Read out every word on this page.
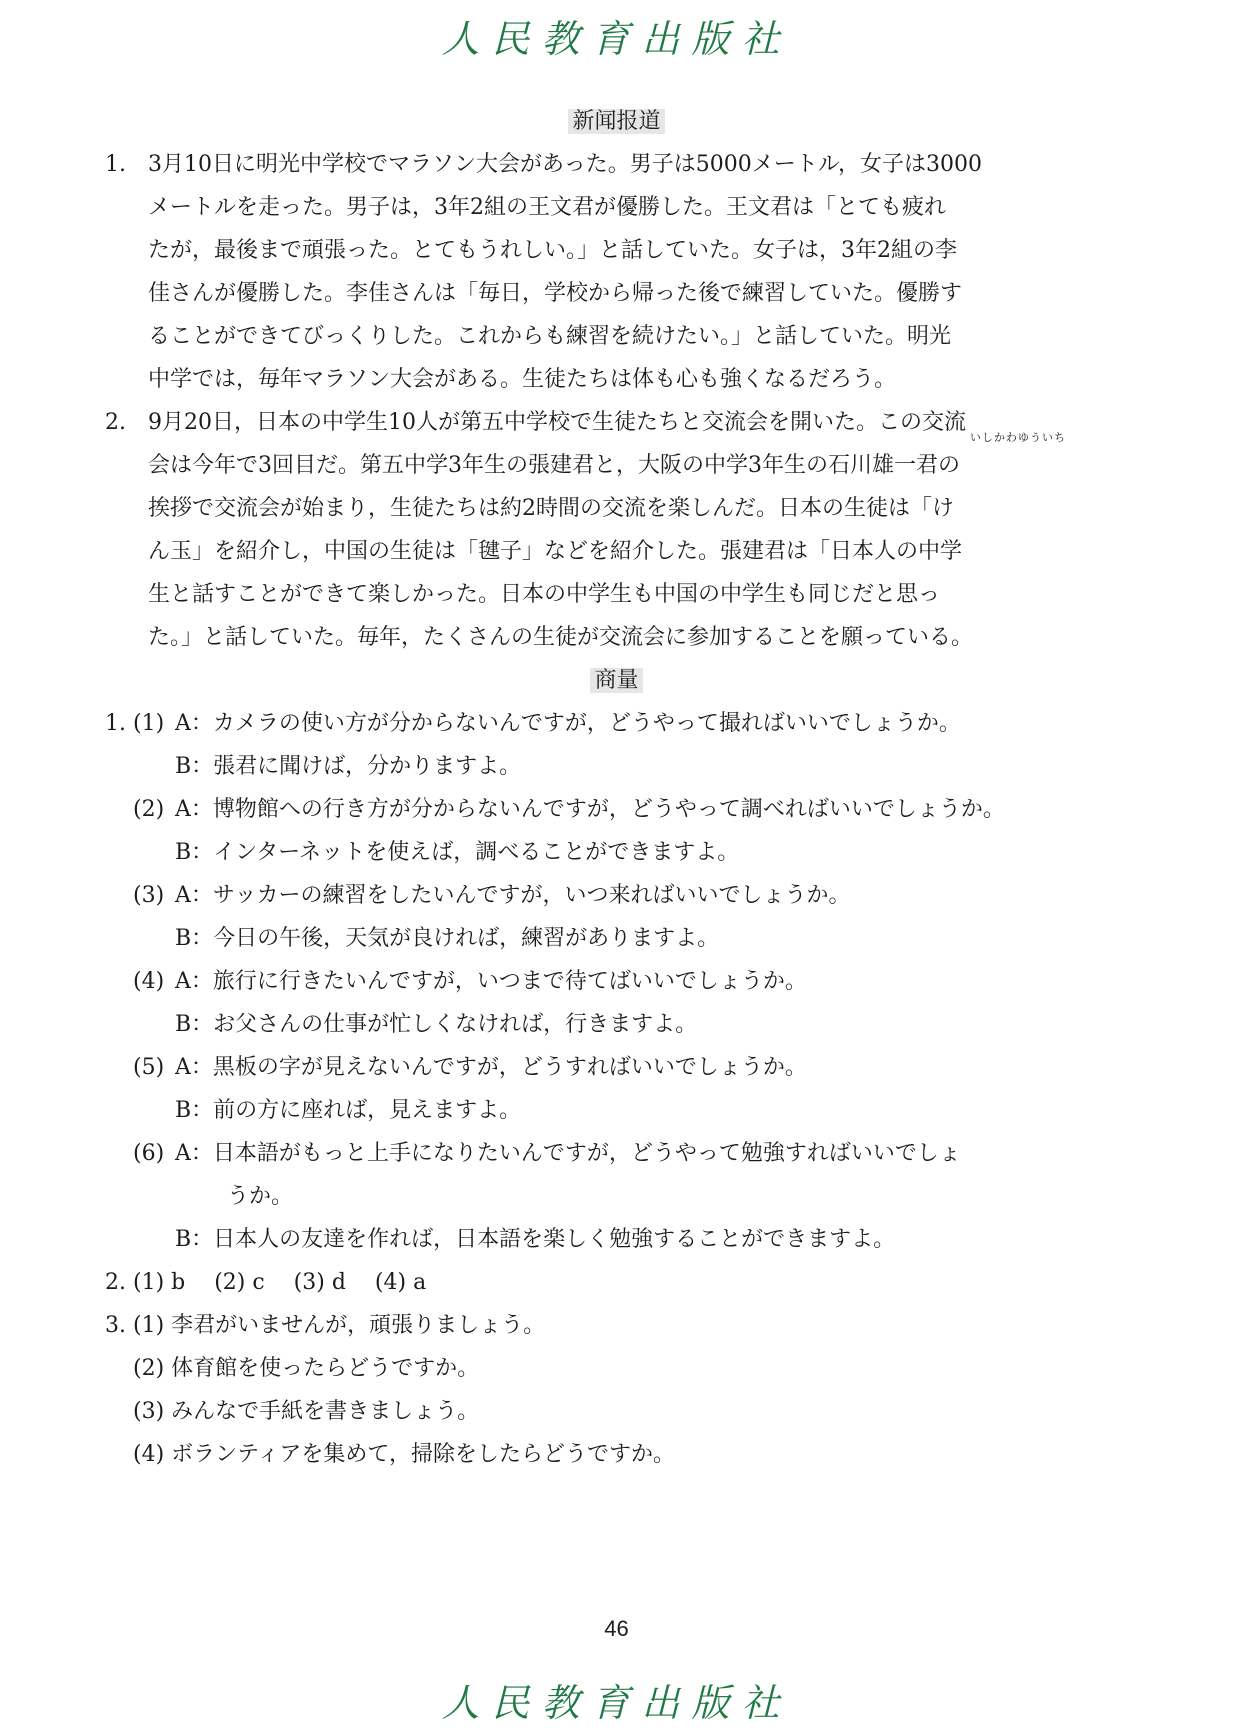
人民教育出版社
新闻报道
1. 3月10日に明光中学校でマラソン大会があった。男子は5000メートル，女子は3000
メートルを走った。男子は，3年2組の王文君が優勝した。王文君は「とても疲れ
たが，最後まで頑張った。とてもうれしい。」と話していた。女子は，3年2組の李
佳さんが優勝した。李佳さんは「毎日，学校から帰った後で練習していた。優勝す
ることができてびっくりした。これからも練習を続けたい。」と話していた。明光
中学では，毎年マラソン大会がある。生徒たちは体も心も強くなるだろう。
2.
いしかわゆういち
9月20日，日本の中学生10人が第五中学校で生徒たちと交流会を開いた。この交流
会は今年で3回目だ。第五中学3年生の張建君と，大阪の中学3年生の石川雄一君の
挨拶で交流会が始まり，生徒たちは約2時間の交流を楽しんだ。日本の生徒は「け
ん玉」を紹介し，中国の生徒は「毽子」などを紹介した。張建君は「日本人の中学
生と話すことができて楽しかった。日本の中学生も中国の中学生も同じだと思っ
た。」と話していた。毎年，たくさんの生徒が交流会に参加することを願っている。
商量
1. (1) A：カメラの使い方が分からないんですが，どうやって撮ればいいでしょうか。
B：張君に聞けば，分かりますよ。
(2) A：博物館への行き方が分からないんですが，どうやって調べればいいでしょうか。
B：インターネットを使えば，調べることができますよ。
(3) A：サッカーの練習をしたいんですが，いつ来ればいいでしょうか。
B：今日の午後，天気が良ければ，練習がありますよ。
(4) A：旅行に行きたいんですが，いつまで待てばいいでしょうか。
B：お父さんの仕事が忙しくなければ，行きますよ。
(5) A：黒板の字が見えないんですが，どうすればいいでしょうか。
B：前の方に座れば，見えますよ。
(6) A：日本語がもっと上手になりたいんですが，どうやって勉強すればいいでしょ
うか。
B：日本人の友達を作れば，日本語を楽しく勉強することができますよ。
2. (1) b　 (2) c　 (3) d　 (4) a
3. (1) 李君がいませんが，頑張りましょう。
(2) 体育館を使ったらどうですか。
(3) みんなで手紙を書きましょう。
(4) ボランティアを集めて，掃除をしたらどうですか。
46
人民教育出版社
